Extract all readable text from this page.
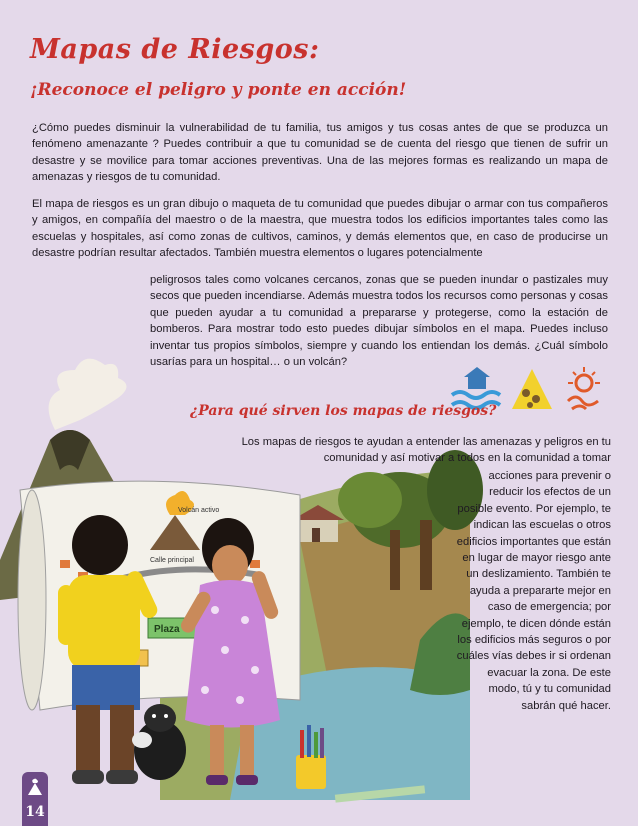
Volcán activo
Calle principal
Plaza
Mapas de Riesgos:
¡Reconoce el peligro y ponte en acción!

¿Cómo puedes disminuir la vulnerabilidad de tu familia, tus amigos y tus cosas antes de que se produzca un fenómeno amenazante ? Puedes contribuir a que tu comunidad se de cuenta del riesgo que tienen de sufrir un desastre y se movilice para tomar acciones preventivas. Una de las mejores formas es realizando un mapa de amenazas y riesgos de tu comunidad.

El mapa de riesgos es un gran dibujo o maqueta de tu comunidad que puedes dibujar o armar con tus compañeros y amigos, en compañía del maestro o de la maestra, que muestra todos los edificios importantes tales como las escuelas y hospitales, así como zonas de cultivos, caminos, y demás elementos que, en caso de producirse un desastre podrían resultar afectados. También muestra elementos o lugares potencialmente

peligrosos tales como volcanes cercanos, zonas que se pueden inundar o pastizales muy secos que pueden incendiarse. Además muestra todos los recursos como personas y cosas que pueden ayudar a tu comunidad a prepararse y protegerse, como la estación de bomberos. Para mostrar todo esto puedes dibujar símbolos en el mapa. Puedes incluso inventar tus propios símbolos, siempre y cuando los entiendan los demás. ¿Cuál símbolo usarías para un hospital… o un volcán?

¿Para qué sirven los mapas de riesgos?

Los mapas de riesgos te ayudan a entender las amenazas y peligros en tu comunidad y así motivar a todos en la comunidad a tomar

acciones para prevenir o reducir los efectos de un posible evento. Por ejemplo, te indican las escuelas o otros edificios importantes que están en lugar de mayor riesgo ante un deslizamiento. También te ayuda a prepararte mejor en caso de emergencia; por ejemplo, te dicen dónde están los edificios más seguros o por cuáles vías debes ir si ordenan evacuar la zona. De este modo, tú y tu comunidad sabrán qué hacer.

14
